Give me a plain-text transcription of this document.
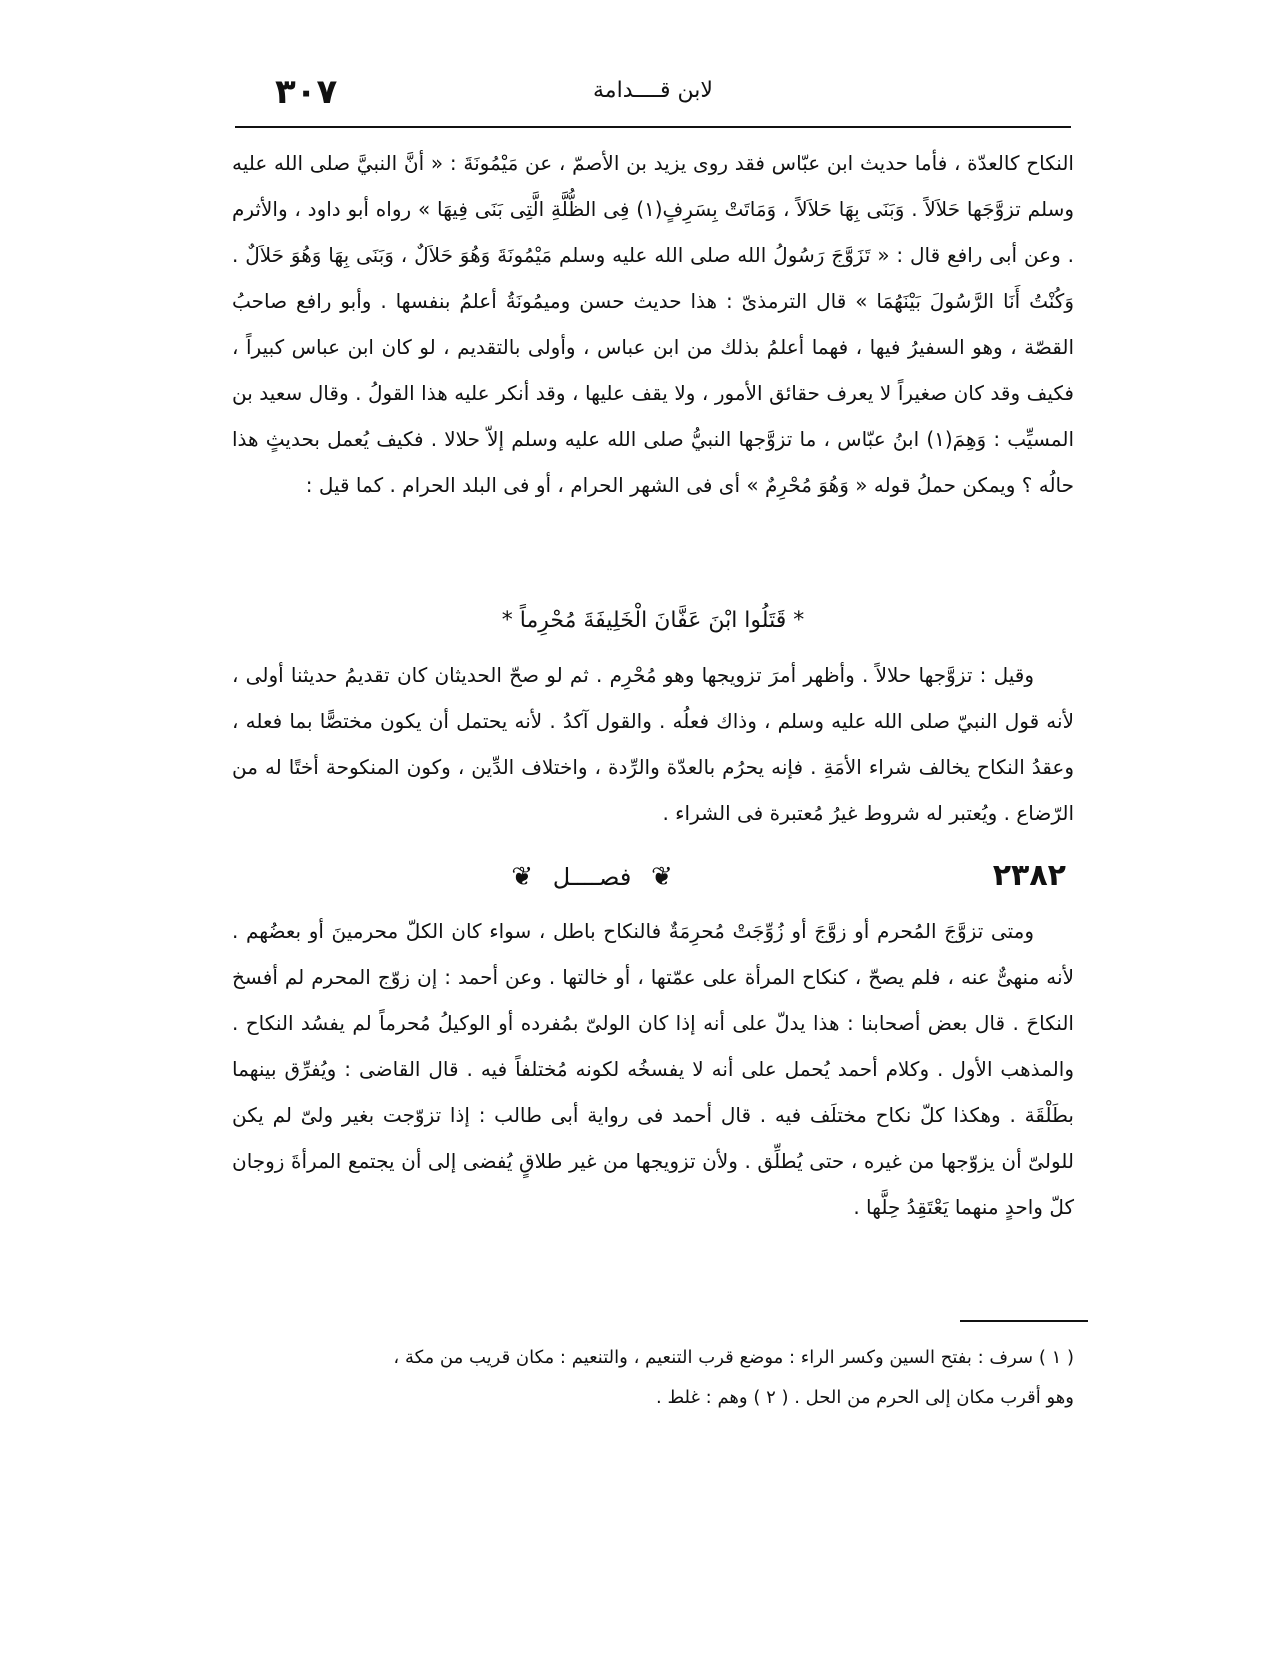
٣٠٧	لابن قــــدامة

النكاح كالعدّة ، فأما حديث ابن عبّاس فقد روى يزيد بن الأصمّ ، عن مَيْمُونَةَ : « أنَّ النبيَّ صلى الله عليه وسلم تزوَّجَها حَلاَلاً . وَبَنَى بِهَا حَلاَلاً ، وَمَاتَتْ بِسَرِفٍ(١) فِى الظُّلَّةِ الَّتِى بَنَى فِيهَا » رواه أبو داود ، والأثرم . وعن أبى رافع قال : « تَزَوَّجَ رَسُولُ الله صلى الله عليه وسلم مَيْمُونَةَ وَهُوَ حَلاَلٌ ، وَبَنَى بِهَا وَهُوَ حَلاَلٌ . وَكُنْتُ أَنَا الرَّسُولَ بَيْنَهُمَا » قال الترمذىّ : هذا حديث حسن وميمُونَةُ أعلمُ بنفسها . وأبو رافع صاحبُ القصّة ، وهو السفيرُ فيها ، فهما أعلمُ بذلك من ابن عباس ، وأولى بالتقديم ، لو كان ابن عباس كبيراً ، فكيف وقد كان صغيراً لا يعرف حقائق الأمور ، ولا يقف عليها ، وقد أنكر عليه هذا القولُ . وقال سعيد بن المسيِّب : وَهِمَ(١) ابنُ عبّاس ، ما تزوَّجها النبيُّ صلى الله عليه وسلم إلاّ حلالا . فكيف يُعمل بحديثٍ هذا حالُه ؟ ويمكن حملُ قوله « وَهُوَ مُحْرِمٌ » أى فى الشهر الحرام ، أو فى البلد الحرام . كما قيل :

* قَتَلُوا ابْنَ عَفَّانَ الْخَلِيفَةَ مُحْرِماً *

وقيل : تزوَّجها حلالاً . وأظهر أمرَ تزويجها وهو مُحْرِم . ثم لو صحّ الحديثان كان تقديمُ حديثنا أولى ، لأنه قول النبيّ صلى الله عليه وسلم ، وذاك فعلُه . والقول آكدُ . لأنه يحتمل أن يكون مختصًّا بما فعله ، وعقدُ النكاح يخالف شراء الأمَةِ . فإنه يحرُم بالعدّة والرِّدة ، واختلاف الدِّين ، وكون المنكوحة أختًا له من الرّضاع . ويُعتبر له شروط غيرُ مُعتبرة فى الشراء .

٢٣٨٢
❦ فصــــل ❦

ومتى تزوَّجَ المُحرم أو زوَّجَ أو زُوِّجَتْ مُحرِمَةٌ فالنكاح باطل ، سواء كان الكلّ محرمينَ أو بعضُهم . لأنه منهىٌّ عنه ، فلم يصحّ ، كنكاح المرأة على عمّتها ، أو خالتها . وعن أحمد : إن زوّج المحرم لم أفسخ النكاحَ . قال بعض أصحابنا : هذا يدلّ على أنه إذا كان الولىّ بمُفرده أو الوكيلُ مُحرماً لم يفسُد النكاح . والمذهب الأول . وكلام أحمد يُحمل على أنه لا يفسخُه لكونه مُختلفاً فيه . قال القاضى : ويُفرِّق بينهما بطَلْقَة . وهكذا كلّ نكاح مختلَف فيه . قال أحمد فى رواية أبى طالب : إذا تزوّجت بغير ولىّ لم يكن للولىّ أن يزوّجها من غيره ، حتى يُطلِّق . ولأن تزويجها من غير طلاقٍ يُفضى إلى أن يجتمع المرأةَ زوجان كلّ واحدٍ منهما يَعْتَقِدُ حِلَّها .

( ١ ) سرف : بفتح السين وكسر الراء : موضع قرب التنعيم ، والتنعيم : مكان قريب من مكة ،
وهو أقرب مكان إلى الحرم من الحل . ( ٢ ) وهم : غلط .
